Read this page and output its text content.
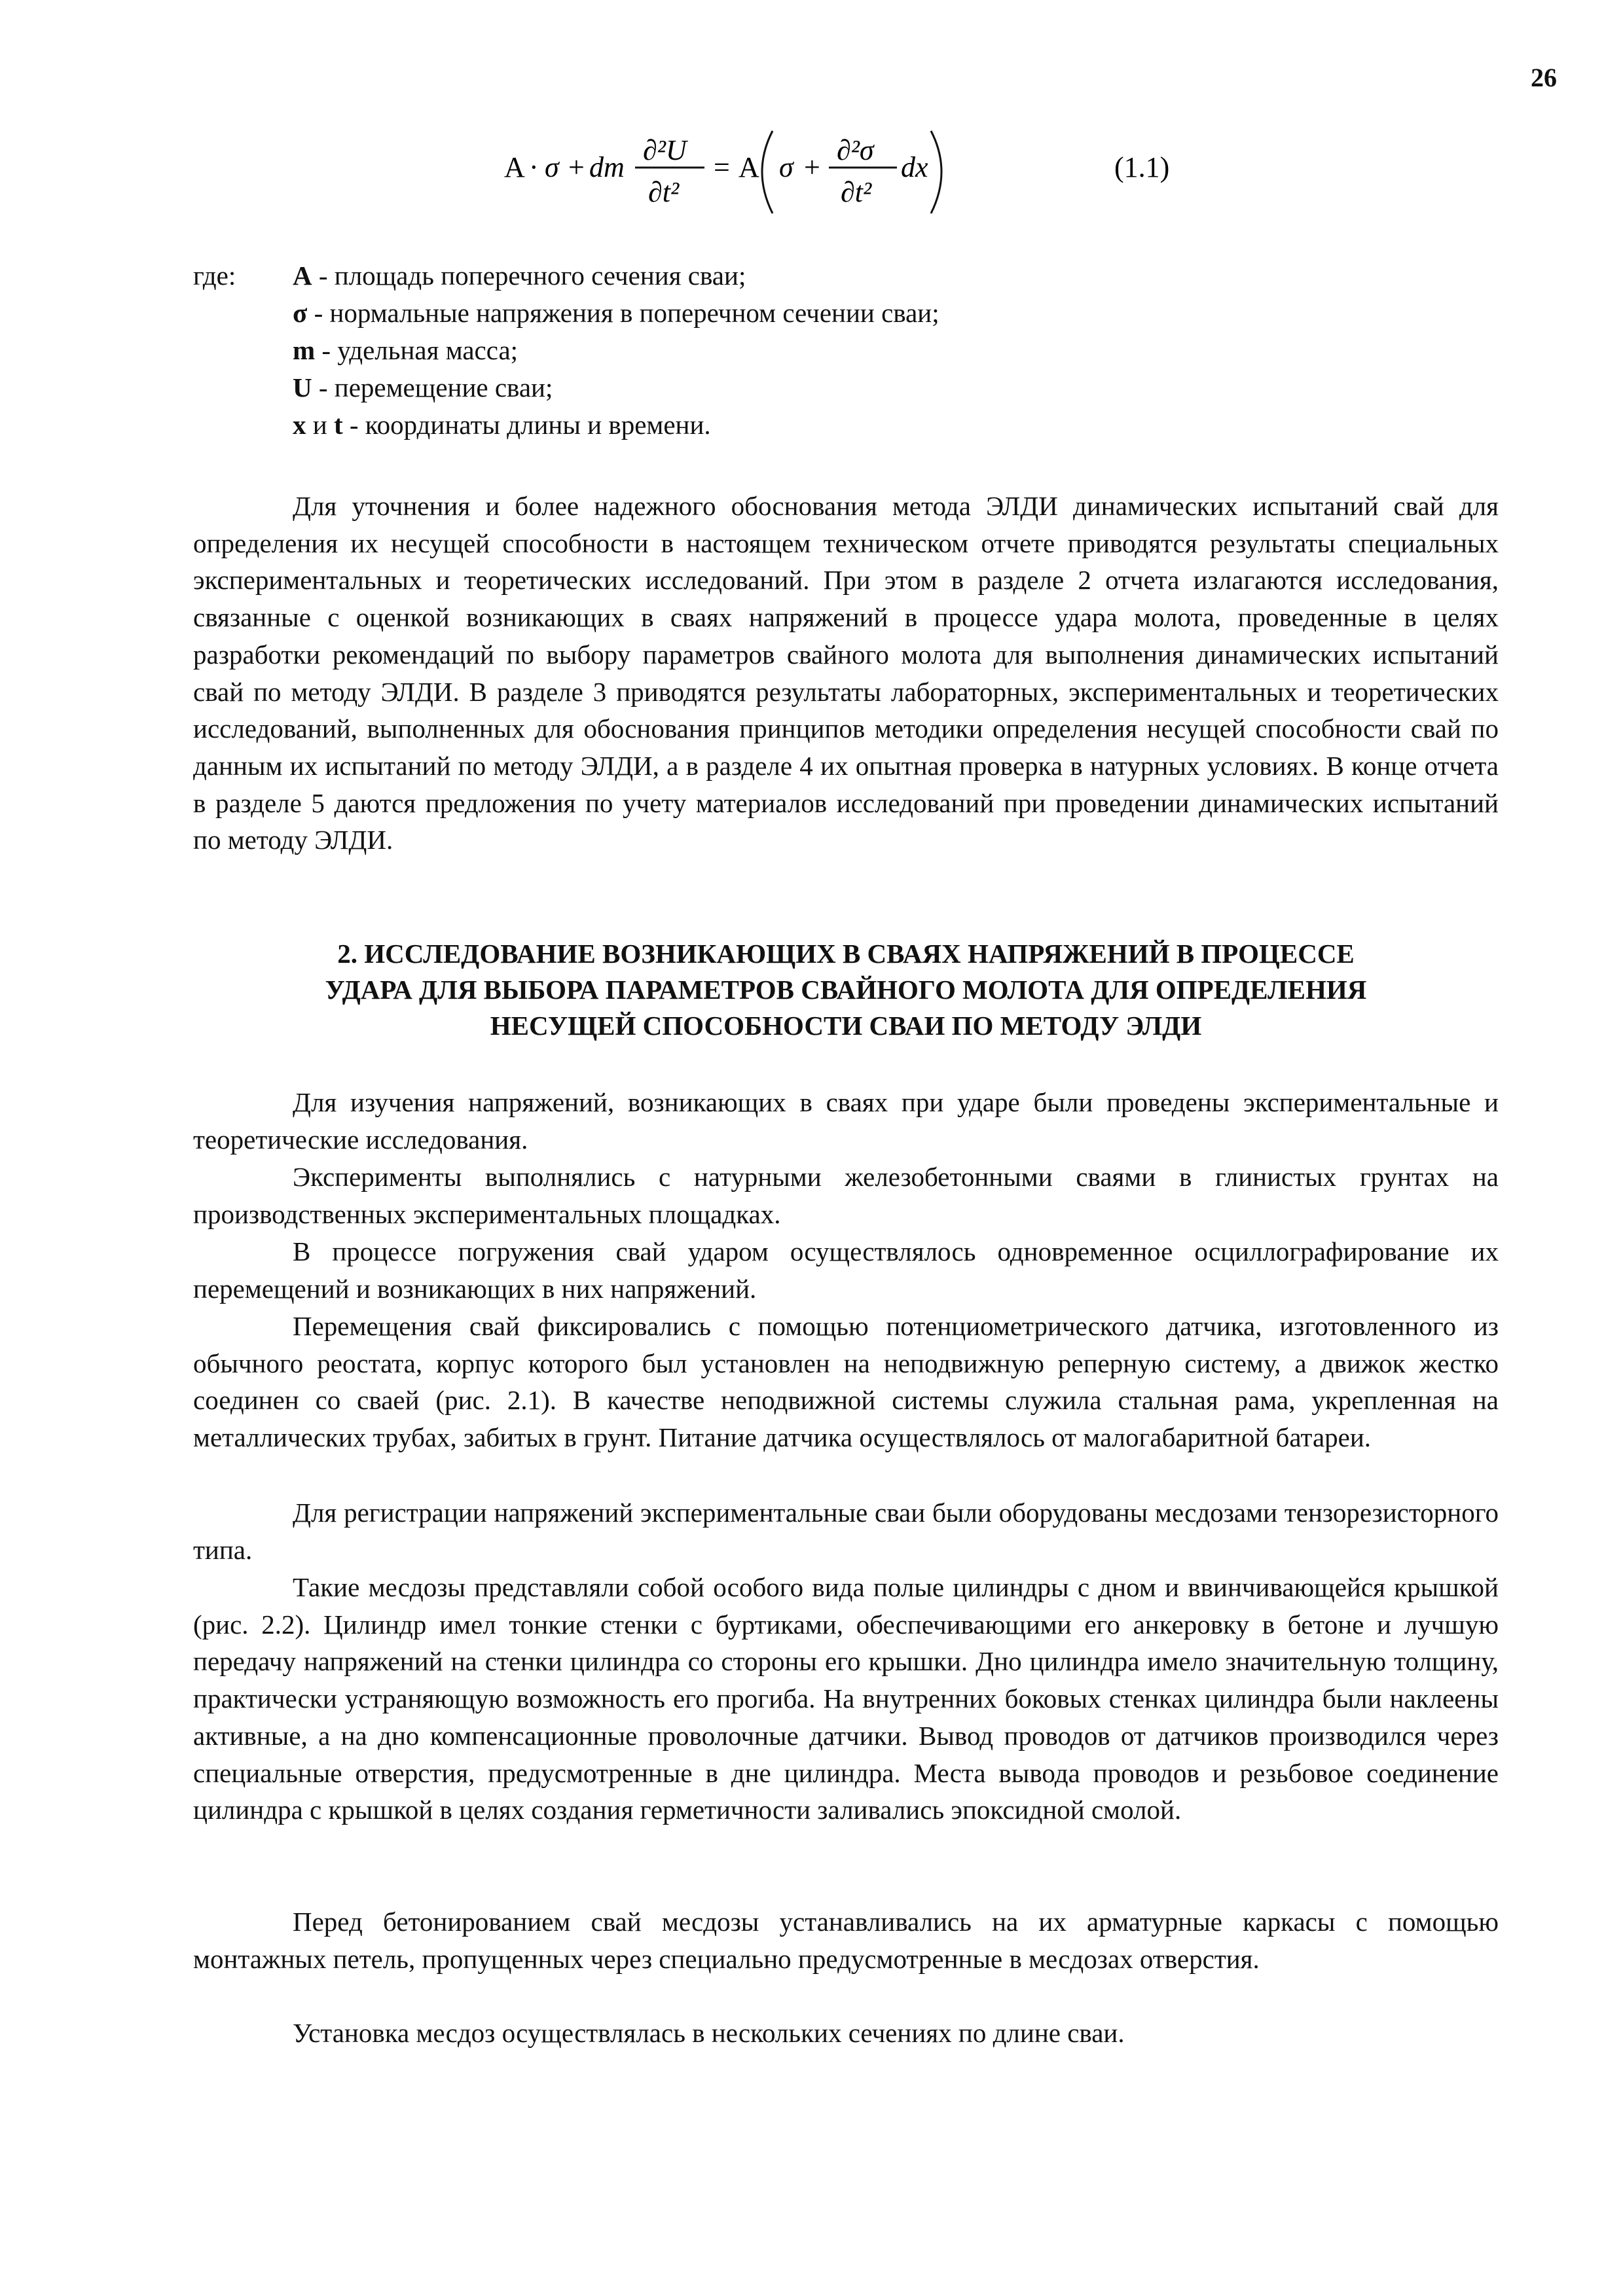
26
A · σ + dm
∂²U
∂t²
= A σ +
∂²σ
∂t²
dx	(1.1)
где: A - площадь поперечного сечения сваи;
σ - нормальные напряжения в поперечном сечении сваи;
m - удельная масса;
U - перемещение сваи;
x и t - координаты длины и времени.

Для уточнения и более надежного обоснования метода ЭЛДИ динамических испытаний свай для определения их несущей способности в настоящем техническом отчете приводятся результаты специальных экспериментальных и теоретических исследований. При этом в разделе 2 отчета излагаются исследования, связанные с оценкой возникающих в сваях напряжений в процессе удара молота, проведенные в целях разработки рекомендаций по выбору параметров свайного молота для выполнения динамических испытаний свай по методу ЭЛДИ. В разделе 3 приводятся результаты лабораторных, экспериментальных и теоретических исследований, выполненных для обоснования принципов методики определения несущей способности свай по данным их испытаний по методу ЭЛДИ, а в разделе 4 их опытная проверка в натурных условиях. В конце отчета в разделе 5 даются предложения по учету материалов исследований при проведении динамических испытаний по методу ЭЛДИ.

2. ИССЛЕДОВАНИЕ ВОЗНИКАЮЩИХ В СВАЯХ НАПРЯЖЕНИЙ В ПРОЦЕССЕ
УДАРА ДЛЯ ВЫБОРА ПАРАМЕТРОВ СВАЙНОГО МОЛОТА ДЛЯ ОПРЕДЕЛЕНИЯ
НЕСУЩЕЙ СПОСОБНОСТИ СВАИ ПО МЕТОДУ ЭЛДИ

Для изучения напряжений, возникающих в сваях при ударе были проведены экспериментальные и теоретические исследования.

Эксперименты выполнялись с натурными железобетонными сваями в глинистых грунтах на производственных экспериментальных площадках.

В процессе погружения свай ударом осуществлялось одновременное осциллографирование их перемещений и возникающих в них напряжений.

Перемещения свай фиксировались с помощью потенциометрического датчика, изготовленного из обычного реостата, корпус которого был установлен на неподвижную реперную систему, а движок жестко соединен со сваей (рис. 2.1). В качестве неподвижной системы служила стальная рама, укрепленная на металлических трубах, забитых в грунт. Питание датчика осуществлялось от малогабаритной батареи.

Для регистрации напряжений экспериментальные сваи были оборудованы месдозами тензорезисторного типа.

Такие месдозы представляли собой особого вида полые цилиндры с дном и ввинчивающейся крышкой (рис. 2.2). Цилиндр имел тонкие стенки с буртиками, обеспечивающими его анкеровку в бетоне и лучшую передачу напряжений на стенки цилиндра со стороны его крышки. Дно цилиндра имело значительную толщину, практически устраняющую возможность его прогиба. На внутренних боковых стенках цилиндра были наклеены активные, а на дно компенсационные проволочные датчики. Вывод проводов от датчиков производился через специальные отверстия, предусмотренные в дне цилиндра. Места вывода проводов и резьбовое соединение цилиндра с крышкой в целях создания герметичности заливались эпоксидной смолой.

Перед бетонированием свай месдозы устанавливались на их арматурные каркасы с помощью монтажных петель, пропущенных через специально предусмотренные в месдозах отверстия.

Установка месдоз осуществлялась в нескольких сечениях по длине сваи.
